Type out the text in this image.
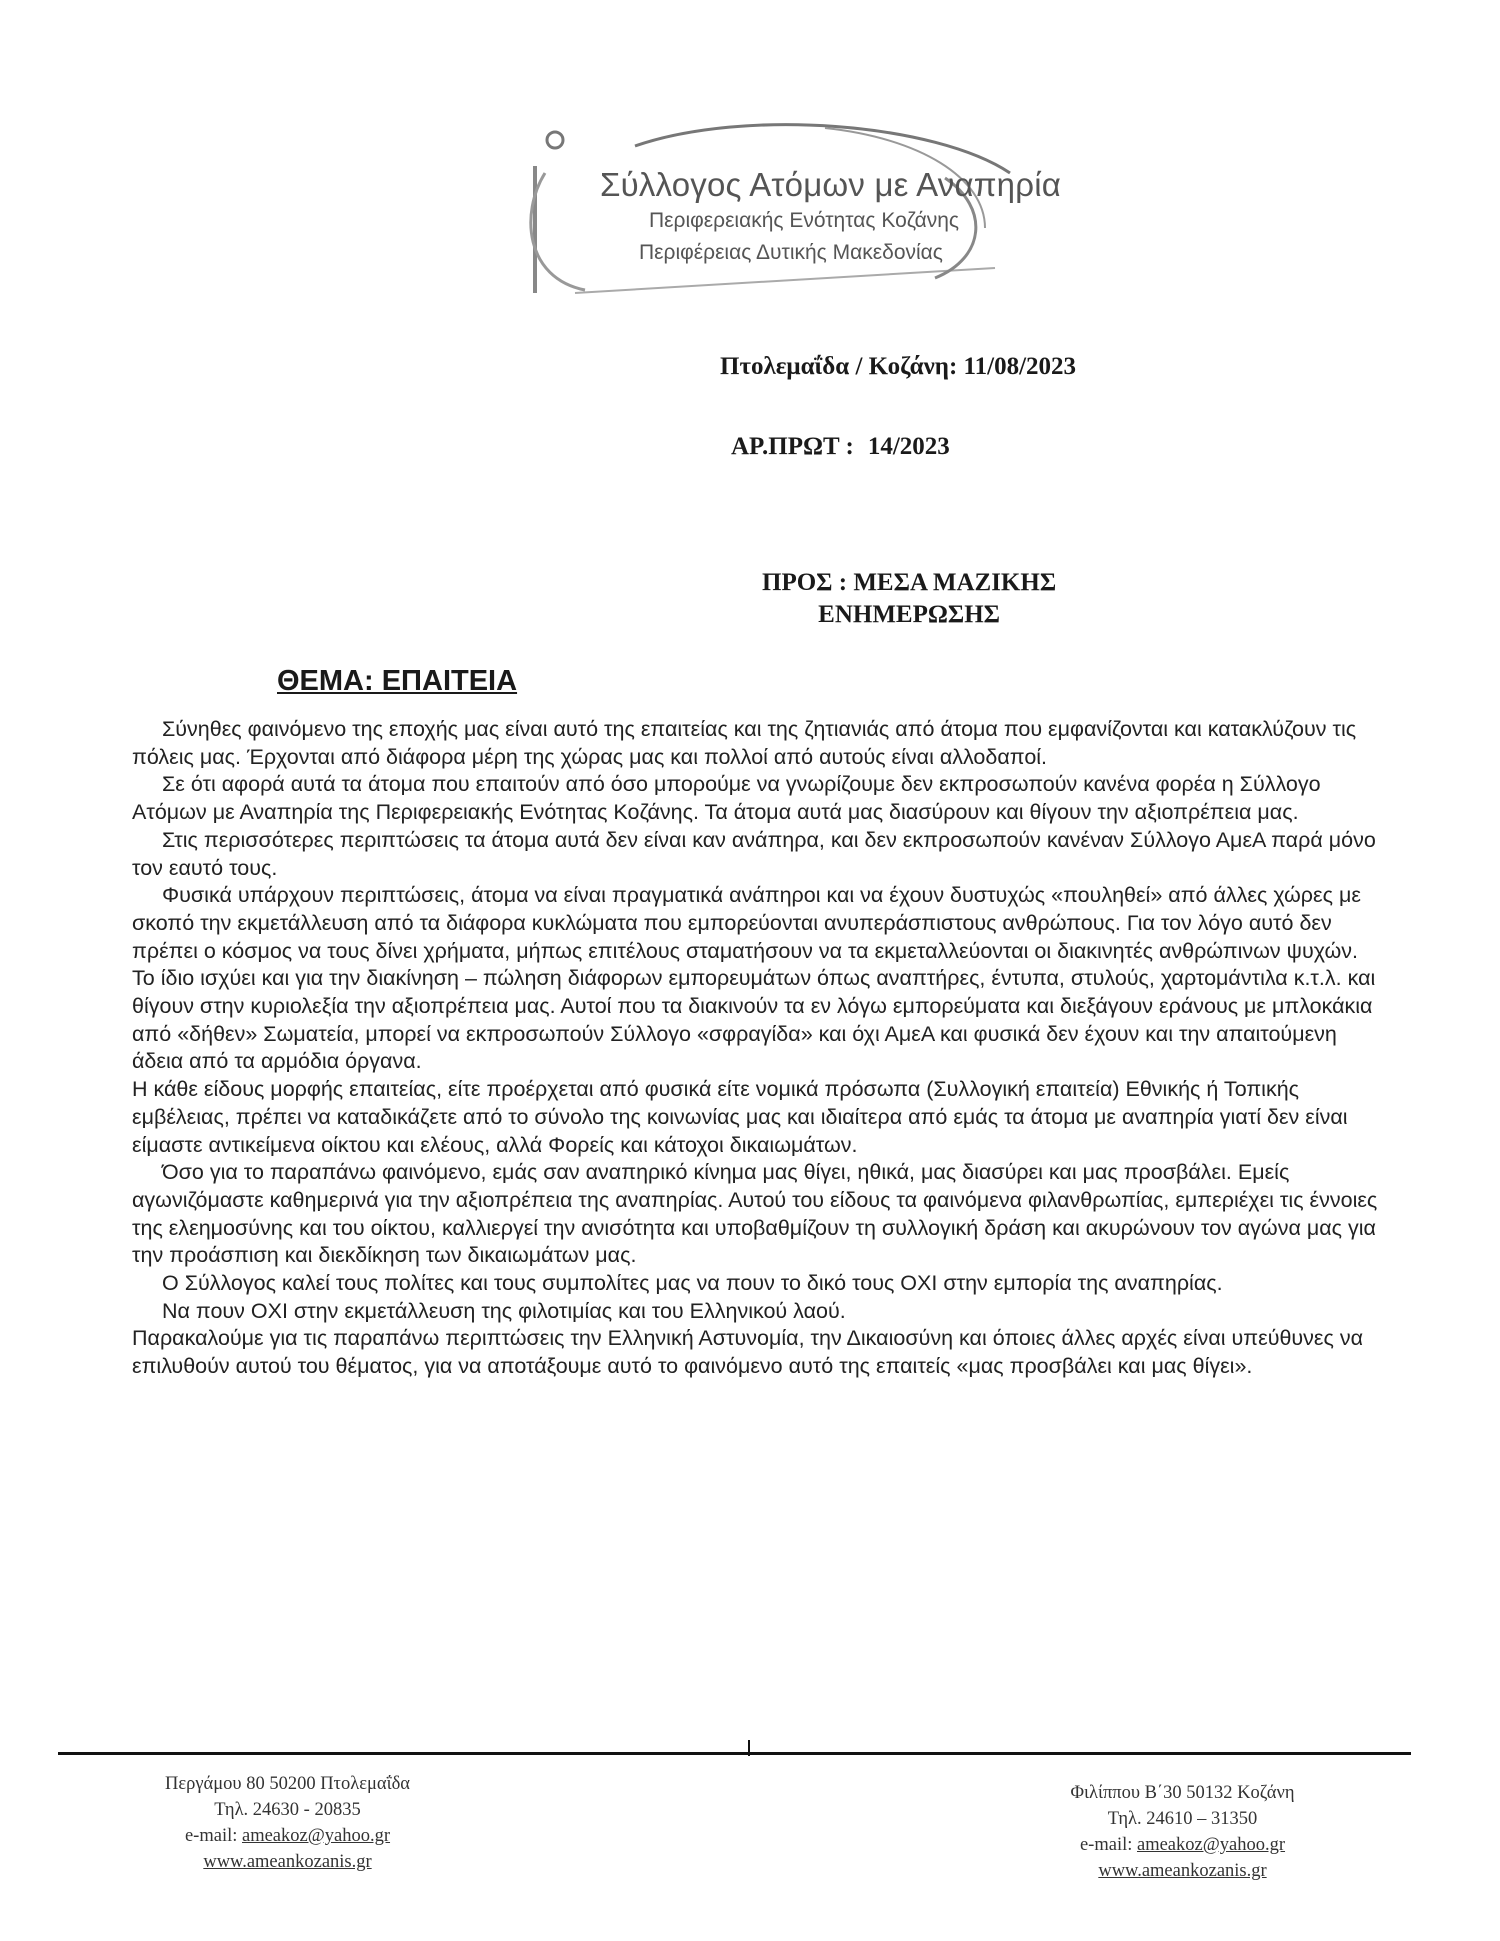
Σύλλογος Ατόμων με Αναπηρία
Περιφερειακής Ενότητας Κοζάνης
Περιφέρειας Δυτικής Μακεδονίας
Πτολεμαΐδα / Κοζάνη: 11/08/2023
ΑΡ.ΠΡΩΤ : 14/2023
ΠΡΟΣ : ΜΕΣΑ ΜΑΖΙΚΗΣ
ΕΝΗΜΕΡΩΣΗΣ
ΘΕΜΑ: ΕΠΑΙΤΕΙΑ

Σύνηθες φαινόμενο της εποχής μας είναι αυτό της επαιτείας και της ζητιανιάς από άτομα που εμφανίζονται και κατακλύζουν τις πόλεις μας. Έρχονται από διάφορα μέρη της χώρας μας και πολλοί από αυτούς είναι αλλοδαποί.

Σε ότι αφορά αυτά τα άτομα που επαιτούν από όσο μπορούμε να γνωρίζουμε δεν εκπροσωπούν κανένα φορέα η Σύλλογο Ατόμων με Αναπηρία της Περιφερειακής Ενότητας Κοζάνης. Τα άτομα αυτά μας διασύρουν και θίγουν την αξιοπρέπεια μας.

Στις περισσότερες περιπτώσεις τα άτομα αυτά δεν είναι καν ανάπηρα, και δεν εκπροσωπούν κανέναν Σύλλογο ΑμεΑ παρά μόνο τον εαυτό τους.

Φυσικά υπάρχουν περιπτώσεις, άτομα να είναι πραγματικά ανάπηροι και να έχουν δυστυχώς «πουληθεί» από άλλες χώρες με σκοπό την εκμετάλλευση από τα διάφορα κυκλώματα που εμπορεύονται ανυπεράσπιστους ανθρώπους. Για τον λόγο αυτό δεν πρέπει ο κόσμος να τους δίνει χρήματα, μήπως επιτέλους σταματήσουν να τα εκμεταλλεύονται οι διακινητές ανθρώπινων ψυχών.

Το ίδιο ισχύει και για την διακίνηση – πώληση διάφορων εμπορευμάτων όπως αναπτήρες, έντυπα, στυλούς, χαρτομάντιλα κ.τ.λ. και θίγουν στην κυριολεξία την αξιοπρέπεια μας. Αυτοί που τα διακινούν τα εν λόγω εμπορεύματα και διεξάγουν εράνους με μπλοκάκια από «δήθεν» Σωματεία, μπορεί να εκπροσωπούν Σύλλογο «σφραγίδα» και όχι ΑμεΑ και φυσικά δεν έχουν και την απαιτούμενη άδεια από τα αρμόδια όργανα.

Η κάθε είδους μορφής επαιτείας, είτε προέρχεται από φυσικά είτε νομικά πρόσωπα (Συλλογική επαιτεία) Εθνικής ή Τοπικής εμβέλειας, πρέπει να καταδικάζετε από το σύνολο της κοινωνίας μας και ιδιαίτερα από εμάς τα άτομα με αναπηρία γιατί δεν είναι είμαστε αντικείμενα οίκτου και ελέους, αλλά Φορείς και κάτοχοι δικαιωμάτων.

Όσο για το παραπάνω φαινόμενο, εμάς σαν αναπηρικό κίνημα μας θίγει, ηθικά, μας διασύρει και μας προσβάλει. Εμείς αγωνιζόμαστε καθημερινά για την αξιοπρέπεια της αναπηρίας. Αυτού του είδους τα φαινόμενα φιλανθρωπίας, εμπεριέχει τις έννοιες της ελεημοσύνης και του οίκτου, καλλιεργεί την ανισότητα και υποβαθμίζουν τη συλλογική δράση και ακυρώνουν τον αγώνα μας για την προάσπιση και διεκδίκηση των δικαιωμάτων μας.

Ο Σύλλογος καλεί τους πολίτες και τους συμπολίτες μας να πουν το δικό τους ΟΧΙ στην εμπορία της αναπηρίας.

Να πουν ΟΧΙ στην εκμετάλλευση της φιλοτιμίας και του Ελληνικού λαού.

Παρακαλούμε για τις παραπάνω περιπτώσεις την Ελληνική Αστυνομία, την Δικαιοσύνη και όποιες άλλες αρχές είναι υπεύθυνες να επιλυθούν αυτού του θέματος, για να αποτάξουμε αυτό το φαινόμενο αυτό της επαιτείς «μας προσβάλει και μας θίγει».

Περγάμου 80 50200 Πτολεμαΐδα
Τηλ. 24630 - 20835
e-mail: ameakoz@yahoo.gr
www.ameankozanis.gr
Φιλίππου Β΄30 50132 Κοζάνη
Τηλ. 24610 – 31350
e-mail: ameakoz@yahoo.gr
www.ameankozanis.gr
